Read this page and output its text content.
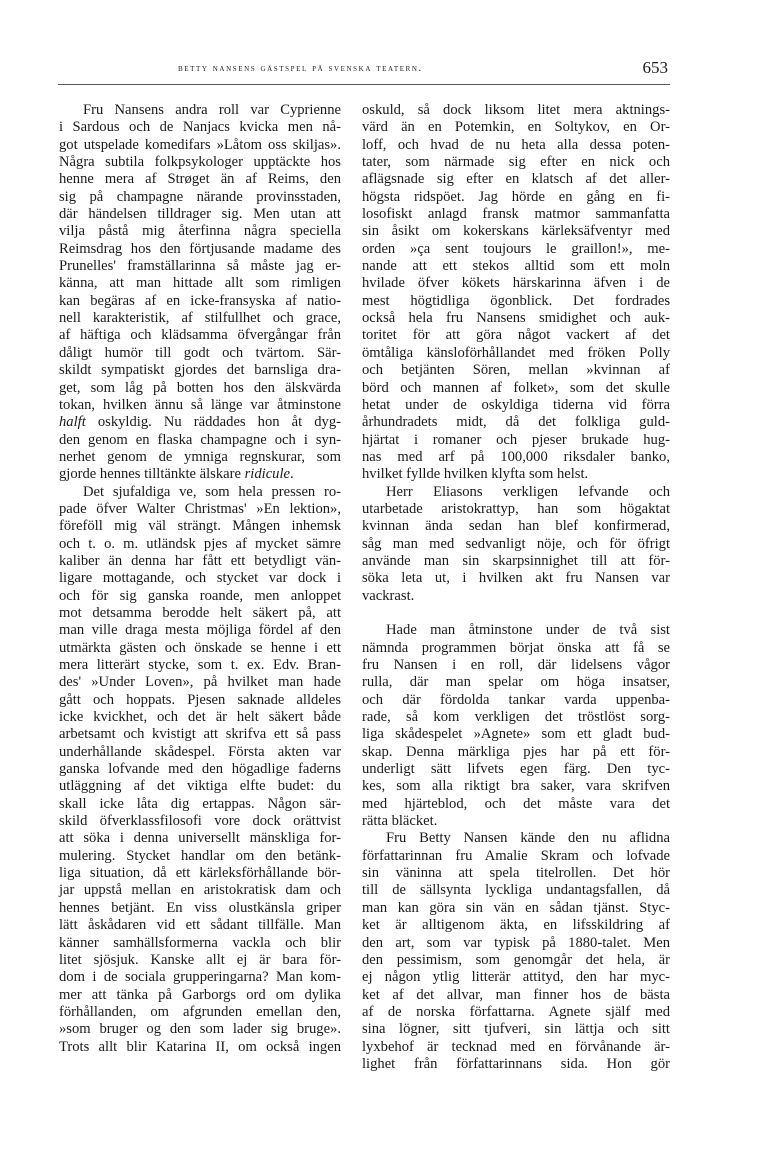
betty nansens gästspel på svenska teatern.	653
Fru Nansens andra roll var Cyprienne
i Sardous och de Nanjacs kvicka men nå-
got utspelade komedifars »Låtom oss skiljas».
Några subtila folkpsykologer upptäckte hos
henne mera af Strøget än af Reims, den
sig på champagne närande provinsstaden,
där händelsen tilldrager sig. Men utan att
vilja påstå mig återfinna några speciella
Reimsdrag hos den förtjusande madame des
Prunelles' framställarinna så måste jag er-
känna, att man hittade allt som rimligen
kan begäras af en icke-fransyska af natio-
nell karakteristik, af stilfullhet och grace,
af häftiga och klädsamma öfvergångar från
dåligt humör till godt och tvärtom. Sär-
skildt sympatiskt gjordes det barnsliga dra-
get, som låg på botten hos den älskvärda
tokan, hvilken ännu så länge var åtminstone
halft oskyldig. Nu räddades hon åt dyg-
den genom en flaska champagne och i syn-
nerhet genom de ymniga regnskurar, som
gjorde hennes tilltänkte älskare ridicule.
Det sjufaldiga ve, som hela pressen ro-
pade öfver Walter Christmas' »En lektion»,
föreföll mig väl strängt. Mången inhemsk
och t. o. m. utländsk pjes af mycket sämre
kaliber än denna har fått ett betydligt vän-
ligare mottagande, och stycket var dock i
och för sig ganska roande, men anloppet
mot detsamma berodde helt säkert på, att
man ville draga mesta möjliga fördel af den
utmärkta gästen och önskade se henne i ett
mera litterärt stycke, som t. ex. Edv. Bran-
des' »Under Loven», på hvilket man hade
gått och hoppats. Pjesen saknade alldeles
icke kvickhet, och det är helt säkert både
arbetsamt och kvistigt att skrifva ett så pass
underhållande skådespel. Första akten var
ganska lofvande med den högadlige faderns
utläggning af det viktiga elfte budet: du
skall icke låta dig ertappas. Någon sär-
skild öfverklassfilosofi vore dock orättvist
att söka i denna universellt mänskliga for-
mulering. Stycket handlar om den betänk-
liga situation, då ett kärleksförhållande bör-
jar uppstå mellan en aristokratisk dam och
hennes betjänt. En viss olustkänsla griper
lätt åskådaren vid ett sådant tillfälle. Man
känner samhällsformerna vackla och blir
litet sjösjuk. Kanske allt ej är bara för-
dom i de sociala grupperingarna? Man kom-
mer att tänka på Garborgs ord om dylika
förhållanden, om afgrunden emellan den,
»som bruger og den som lader sig bruge».
Trots allt blir Katarina II, om också ingen
oskuld, så dock liksom litet mera aktnings-
värd än en Potemkin, en Soltykov, en Or-
loff, och hvad de nu heta alla dessa poten-
tater, som närmade sig efter en nick och
aflägsnade sig efter en klatsch af det aller-
högsta ridspöet. Jag hörde en gång en fi-
losofiskt anlagd fransk matmor sammanfatta
sin åsikt om kokerskans kärleksäfventyr med
orden »ça sent toujours le graillon!», me-
nande att ett stekos alltid som ett moln
hvilade öfver kökets härskarinna äfven i de
mest högtidliga ögonblick. Det fordrades
också hela fru Nansens smidighet och auk-
toritet för att göra något vackert af det
ömtåliga känsloförhållandet med fröken Polly
och betjänten Sören, mellan »kvinnan af
börd och mannen af folket», som det skulle
hetat under de oskyldiga tiderna vid förra
århundradets midt, då det folkliga guld-
hjärtat i romaner och pjeser brukade hug-
nas med arf på 100,000 riksdaler banko,
hvilket fyllde hvilken klyfta som helst.
Herr Eliasons verkligen lefvande och
utarbetade aristokrattyp, han som högaktat
kvinnan ända sedan han blef konfirmerad,
såg man med sedvanligt nöje, och för öfrigt
använde man sin skarpsinnighet till att för-
söka leta ut, i hvilken akt fru Nansen var
vackrast.

Hade man åtminstone under de två sist
nämnda programmen börjat önska att få se
fru Nansen i en roll, där lidelsens vågor
rulla, där man spelar om höga insatser,
och där fördolda tankar varda uppenba-
rade, så kom verkligen det tröstlöst sorg-
liga skådespelet »Agnete» som ett gladt bud-
skap. Denna märkliga pjes har på ett för-
underligt sätt lifvets egen färg. Den tyc-
kes, som alla riktigt bra saker, vara skrifven
med hjärteblod, och det måste vara det
rätta bläcket.
Fru Betty Nansen kände den nu aflidna
författarinnan fru Amalie Skram och lofvade
sin väninna att spela titelrollen. Det hör
till de sällsynta lyckliga undantagsfallen, då
man kan göra sin vän en sådan tjänst. Styc-
ket är alltigenom äkta, en lifsskildring af
den art, som var typisk på 1880-talet. Men
den pessimism, som genomgår det hela, är
ej någon ytlig litterär attityd, den har myc-
ket af det allvar, man finner hos de bästa
af de norska författarna. Agnete själf med
sina lögner, sitt tjufveri, sin lättja och sitt
lyxbehof är tecknad med en förvånande är-
lighet från författarinnans sida. Hon gör
